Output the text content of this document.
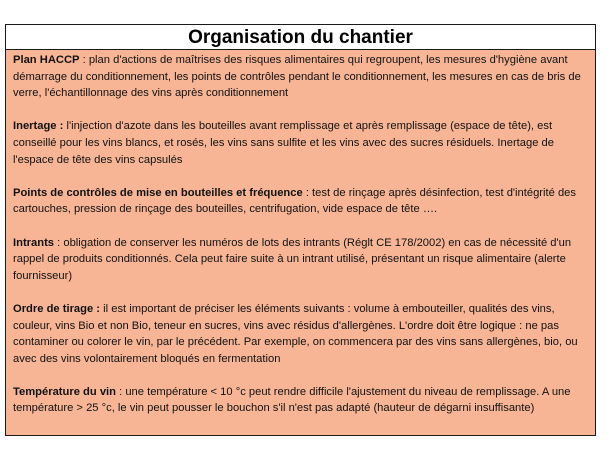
Organisation du chantier

Plan HACCP : plan d'actions de maîtrises des risques alimentaires qui regroupent, les mesures d'hygiène avant démarrage du conditionnement, les points de contrôles pendant le conditionnement, les mesures en cas de bris de verre, l'échantillonnage des vins après conditionnement

Inertage : l'injection d'azote dans les bouteilles avant remplissage et après remplissage (espace de tête), est conseillé pour les vins blancs, et rosés, les vins sans sulfite et les vins avec des sucres résiduels. Inertage de l'espace de tête des vins capsulés

Points de contrôles de mise en bouteilles et fréquence : test de rinçage après désinfection, test d'intégrité des cartouches, pression de rinçage des bouteilles, centrifugation, vide espace de tête ….

Intrants : obligation de conserver les numéros de lots des intrants (Réglt CE 178/2002) en cas de nécessité d'un rappel de produits conditionnés. Cela peut faire suite à un intrant utilisé, présentant un risque alimentaire (alerte fournisseur)

Ordre de tirage : il est important de préciser les éléments suivants : volume à embouteiller, qualités des vins, couleur, vins Bio et non Bio, teneur en sucres, vins avec résidus d'allergènes. L'ordre doit être logique : ne pas contaminer ou colorer le vin, par le précédent. Par exemple, on commencera par des vins sans allergènes, bio, ou avec des vins volontairement bloqués en fermentation

Température du vin : une température < 10 °c peut rendre difficile l'ajustement du niveau de remplissage. A une température > 25 °c, le vin peut pousser le bouchon s'il n'est pas adapté (hauteur de dégarni insuffisante)
